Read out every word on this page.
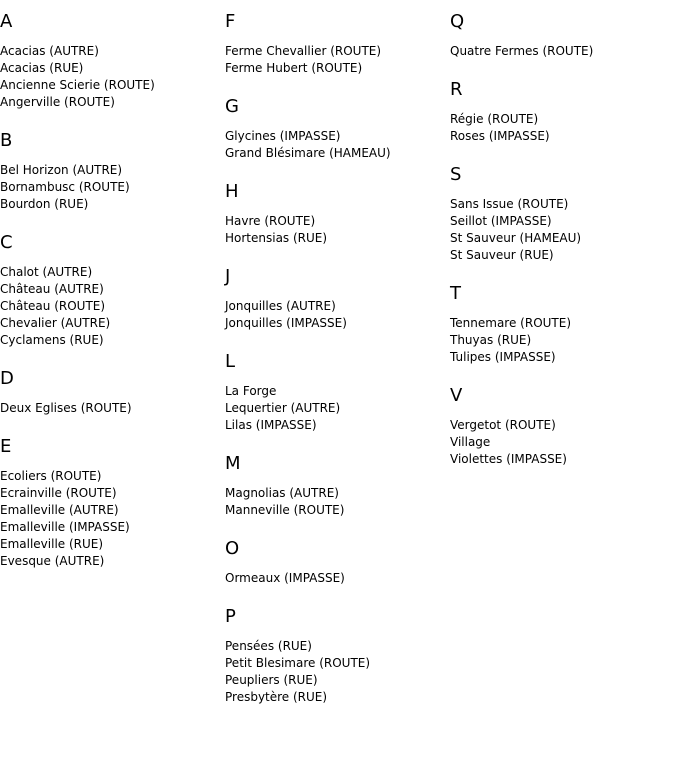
A
Acacias (AUTRE)
Acacias (RUE)
Ancienne Scierie (ROUTE)
Angerville (ROUTE)
B
Bel Horizon (AUTRE)
Bornambusc (ROUTE)
Bourdon (RUE)
C
Chalot (AUTRE)
Château (AUTRE)
Château (ROUTE)
Chevalier (AUTRE)
Cyclamens (RUE)
D
Deux Eglises (ROUTE)
E
Ecoliers (ROUTE)
Ecrainville (ROUTE)
Emalleville (AUTRE)
Emalleville (IMPASSE)
Emalleville (RUE)
Evesque (AUTRE)
F
Ferme Chevallier (ROUTE)
Ferme Hubert (ROUTE)
G
Glycines (IMPASSE)
Grand Blésimare (HAMEAU)
H
Havre (ROUTE)
Hortensias (RUE)
J
Jonquilles (AUTRE)
Jonquilles (IMPASSE)
L
La Forge
Lequertier (AUTRE)
Lilas (IMPASSE)
M
Magnolias (AUTRE)
Manneville (ROUTE)
O
Ormeaux (IMPASSE)
P
Pensées (RUE)
Petit Blesimare (ROUTE)
Peupliers (RUE)
Presbytère (RUE)
Q
Quatre Fermes (ROUTE)
R
Régie (ROUTE)
Roses (IMPASSE)
S
Sans Issue (ROUTE)
Seillot (IMPASSE)
St Sauveur (HAMEAU)
St Sauveur (RUE)
T
Tennemare (ROUTE)
Thuyas (RUE)
Tulipes (IMPASSE)
V
Vergetot (ROUTE)
Village
Violettes (IMPASSE)
